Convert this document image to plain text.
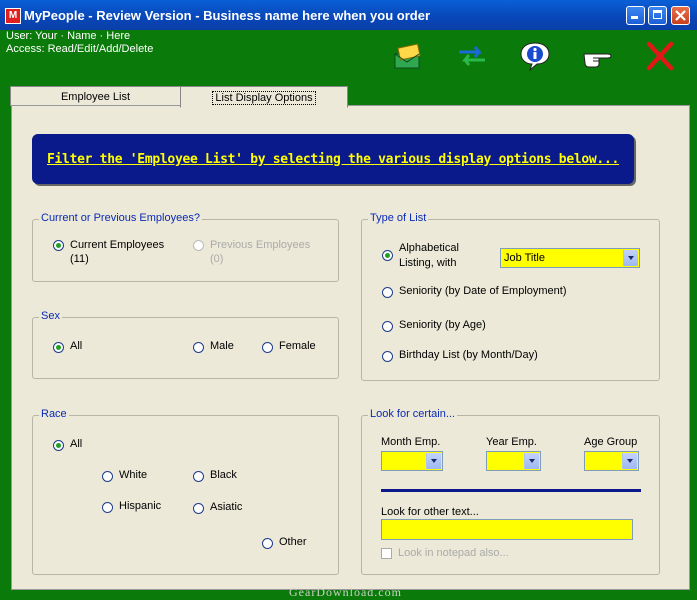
M MyPeople - Review Version - Business name here when you order
User: Your · Name · Here
Access: Read/Edit/Add/Delete
Employee List	List Display Options
Filter the 'Employee List' by selecting the various display options below...
Current or Previous Employees?
Current Employees
(11)
Previous Employees
(0)
Sex
All	Male	Female
Race
All
White	Black
Hispanic	Asiatic
Other
Type of List
Alphabetical
Listing, with	Job Title
Seniority (by Date of Employment)
Seniority (by Age)
Birthday List (by Month/Day)
Look for certain...
Month Emp.	Year Emp.	Age Group
Look for other text...
Look in notepad also...
GearDownload.com
